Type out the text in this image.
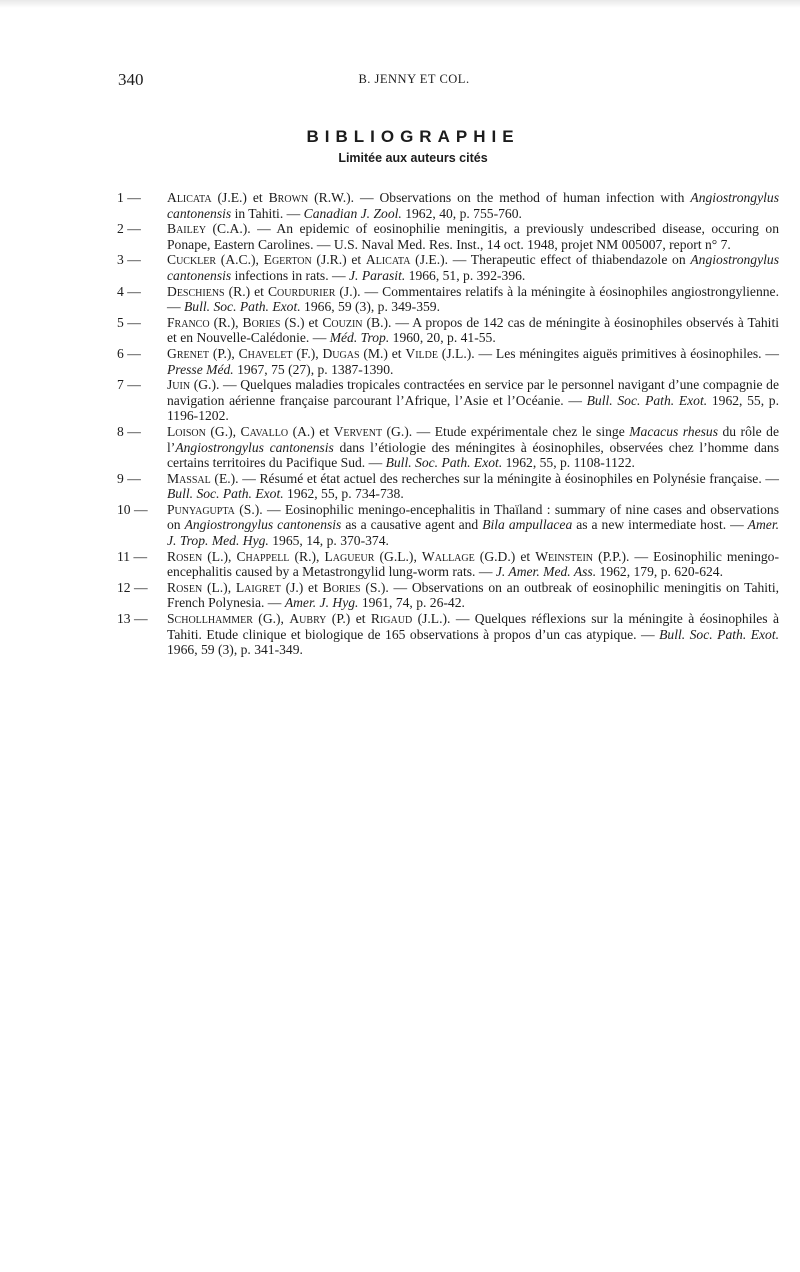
340	B. JENNY ET COL.
BIBLIOGRAPHIE
Limitée aux auteurs cités
1 —	Alicata (J.E.) et Brown (R.W.). — Observations on the method of human infection with Angiostrongylus cantonensis in Tahiti. — Canadian J. Zool. 1962, 40, p. 755-760.
2 —	Bailey (C.A.). — An epidemic of eosinophilie meningitis, a previously undescribed disease, occuring on Ponape, Eastern Carolines. — U.S. Naval Med. Res. Inst., 14 oct. 1948, projet NM 005007, report n° 7.
3 —	Cuckler (A.C.), Egerton (J.R.) et Alicata (J.E.). — Therapeutic effect of thiabendazole on Angiostrongylus cantonensis infections in rats. — J. Parasit. 1966, 51, p. 392-396.
4 —	Deschiens (R.) et Courdurier (J.). — Commentaires relatifs à la méningite à éosinophiles angiostrongylienne. — Bull. Soc. Path. Exot. 1966, 59 (3), p. 349-359.
5 —	Franco (R.), Bories (S.) et Couzin (B.). — A propos de 142 cas de méningite à éosinophiles observés à Tahiti et en Nouvelle-Calédonie. — Méd. Trop. 1960, 20, p. 41-55.
6 —	Grenet (P.), Chavelet (F.), Dugas (M.) et Vilde (J.L.). — Les méningites aiguës primitives à éosinophiles. — Presse Méd. 1967, 75 (27), p. 1387-1390.
7 —	Juin (G.). — Quelques maladies tropicales contractées en service par le personnel navigant d’une compagnie de navigation aérienne française parcourant l’Afrique, l’Asie et l’Océanie. — Bull. Soc. Path. Exot. 1962, 55, p. 1196-1202.
8 —	Loison (G.), Cavallo (A.) et Vervent (G.). — Etude expérimentale chez le singe Macacus rhesus du rôle de l’Angiostrongylus cantonensis dans l’étiologie des méningites à éosinophiles, observées chez l’homme dans certains territoires du Pacifique Sud. — Bull. Soc. Path. Exot. 1962, 55, p. 1108-1122.
9 —	Massal (E.). — Résumé et état actuel des recherches sur la méningite à éosinophiles en Polynésie française. — Bull. Soc. Path. Exot. 1962, 55, p. 734-738.
10 —	Punyagupta (S.). — Eosinophilic meningo-encephalitis in Thaïland : summary of nine cases and observations on Angiostrongylus cantonensis as a causative agent and Bila ampullacea as a new intermediate host. — Amer. J. Trop. Med. Hyg. 1965, 14, p. 370-374.
11 —	Rosen (L.), Chappell (R.), Lagueur (G.L.), Wallage (G.D.) et Weinstein (P.P.). — Eosinophilic meningo-encephalitis caused by a Metastrongylid lung-worm rats. — J. Amer. Med. Ass. 1962, 179, p. 620-624.
12 —	Rosen (L.), Laigret (J.) et Bories (S.). — Observations on an outbreak of eosinophilic meningitis on Tahiti, French Polynesia. — Amer. J. Hyg. 1961, 74, p. 26-42.
13 —	Schollhammer (G.), Aubry (P.) et Rigaud (J.L.). — Quelques réflexions sur la méningite à éosinophiles à Tahiti. Etude clinique et biologique de 165 observations à propos d’un cas atypique. — Bull. Soc. Path. Exot. 1966, 59 (3), p. 341-349.
